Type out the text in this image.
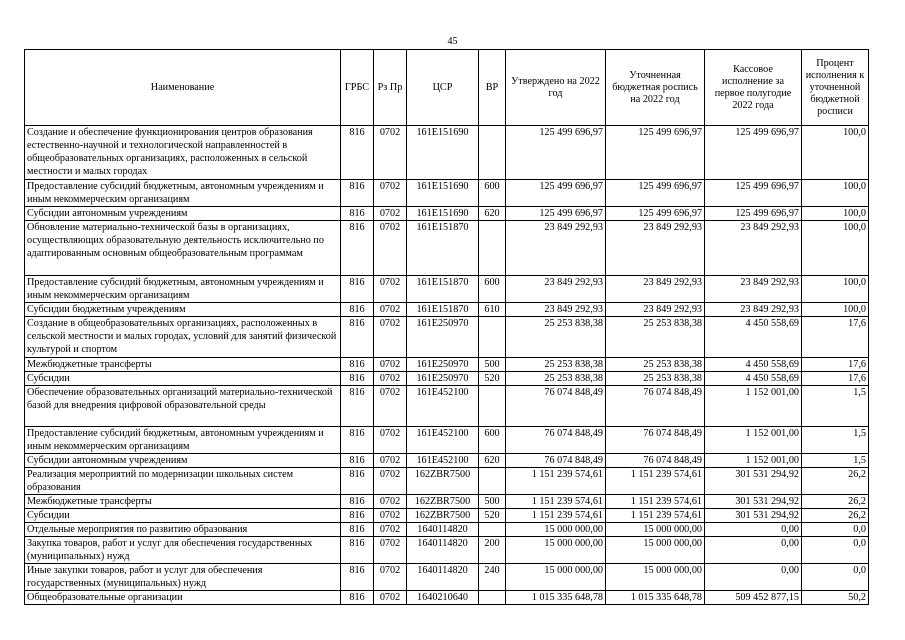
45
Наименование	ГРБС	Рз Пр	ЦСР	ВР	Утверждено на 2022 год	Уточненная бюджетная роспись на 2022 год	Кассовое исполнение за первое полугодие 2022 года	Процент исполнения к уточненной бюджетной росписи
Создание и обеспечение функционирования центров образования естественно-научной и технологической направленностей в общеобразовательных организациях, расположенных в сельской местности и малых городах	816	0702	161E151690		125 499 696,97	125 499 696,97	125 499 696,97	100,0
Предоставление субсидий бюджетным, автономным учреждениям и иным некоммерческим организациям	816	0702	161E151690	600	125 499 696,97	125 499 696,97	125 499 696,97	100,0
Субсидии автономным учреждениям	816	0702	161E151690	620	125 499 696,97	125 499 696,97	125 499 696,97	100,0
Обновление материально-технической базы в организациях, осуществляющих образовательную деятельность исключительно по адаптированным основным общеобразовательным программам	816	0702	161E151870		23 849 292,93	23 849 292,93	23 849 292,93	100,0
Предоставление субсидий бюджетным, автономным учреждениям и иным некоммерческим организациям	816	0702	161E151870	600	23 849 292,93	23 849 292,93	23 849 292,93	100,0
Субсидии бюджетным учреждениям	816	0702	161E151870	610	23 849 292,93	23 849 292,93	23 849 292,93	100,0
Создание в общеобразовательных организациях, расположенных в сельской местности и малых городах, условий для занятий физической культурой и спортом	816	0702	161E250970		25 253 838,38	25 253 838,38	4 450 558,69	17,6
Межбюджетные трансферты	816	0702	161E250970	500	25 253 838,38	25 253 838,38	4 450 558,69	17,6
Субсидии	816	0702	161E250970	520	25 253 838,38	25 253 838,38	4 450 558,69	17,6
Обеспечение образовательных организаций материально-технической базой для внедрения цифровой образовательной среды	816	0702	161E452100		76 074 848,49	76 074 848,49	1 152 001,00	1,5
Предоставление субсидий бюджетным, автономным учреждениям и иным некоммерческим организациям	816	0702	161E452100	600	76 074 848,49	76 074 848,49	1 152 001,00	1,5
Субсидии автономным учреждениям	816	0702	161E452100	620	76 074 848,49	76 074 848,49	1 152 001,00	1,5
Реализация мероприятий по модернизации школьных систем образования	816	0702	162ZBR7500		1 151 239 574,61	1 151 239 574,61	301 531 294,92	26,2
Межбюджетные трансферты	816	0702	162ZBR7500	500	1 151 239 574,61	1 151 239 574,61	301 531 294,92	26,2
Субсидии	816	0702	162ZBR7500	520	1 151 239 574,61	1 151 239 574,61	301 531 294,92	26,2
Отдельные мероприятия по развитию образования	816	0702	1640114820		15 000 000,00	15 000 000,00	0,00	0,0
Закупка товаров, работ и услуг для обеспечения государственных (муниципальных) нужд	816	0702	1640114820	200	15 000 000,00	15 000 000,00	0,00	0,0
Иные закупки товаров, работ и услуг для обеспечения государственных (муниципальных) нужд	816	0702	1640114820	240	15 000 000,00	15 000 000,00	0,00	0,0
Общеобразовательные организации	816	0702	1640210640		1 015 335 648,78	1 015 335 648,78	509 452 877,15	50,2
